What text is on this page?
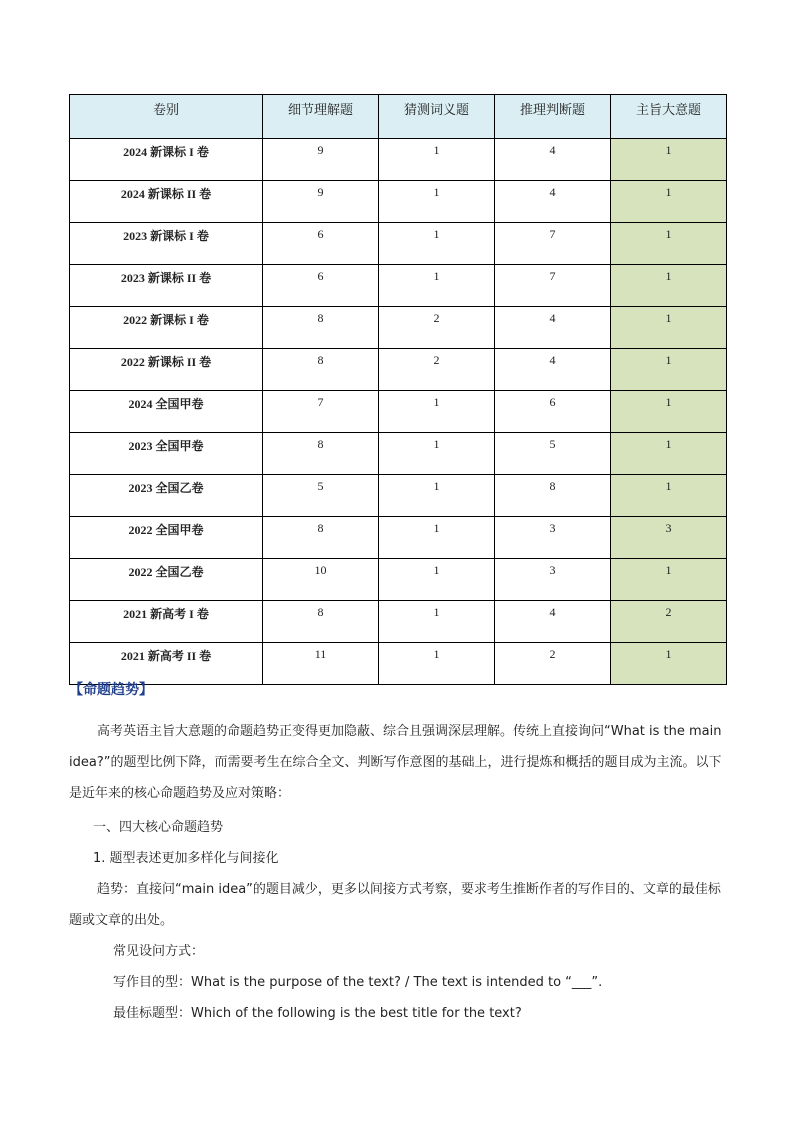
卷别	细节理解题	猜测词义题	推理判断题	主旨大意题
2024 新课标 I 卷	9	1	4	1
2024 新课标 II 卷	9	1	4	1
2023 新课标 I 卷	6	1	7	1
2023 新课标 II 卷	6	1	7	1
2022 新课标 I 卷	8	2	4	1
2022 新课标 II 卷	8	2	4	1
2024 全国甲卷	7	1	6	1
2023 全国甲卷	8	1	5	1
2023 全国乙卷	5	1	8	1
2022 全国甲卷	8	1	3	3
2022 全国乙卷	10	1	3	1
2021 新高考 I 卷	8	1	4	2
2021 新高考 II 卷	11	1	2	1
【命题趋势】
高考英语主旨大意题的命题趋势正变得更加隐蔽、综合且强调深层理解。传统上直接询问“What is the main idea?”的题型比例下降，而需要考生在综合全文、判断写作意图的基础上，进行提炼和概括的题目成为主流。以下是近年来的核心命题趋势及应对策略：
一、四大核心命题趋势
1. 题型表述更加多样化与间接化
趋势：直接问“main idea”的题目减少，更多以间接方式考察，要求考生推断作者的写作目的、文章的最佳标题或文章的出处。
常见设问方式：
写作目的型：What is the purpose of the text? / The text is intended to “___”.
最佳标题型：Which of the following is the best title for the text?
